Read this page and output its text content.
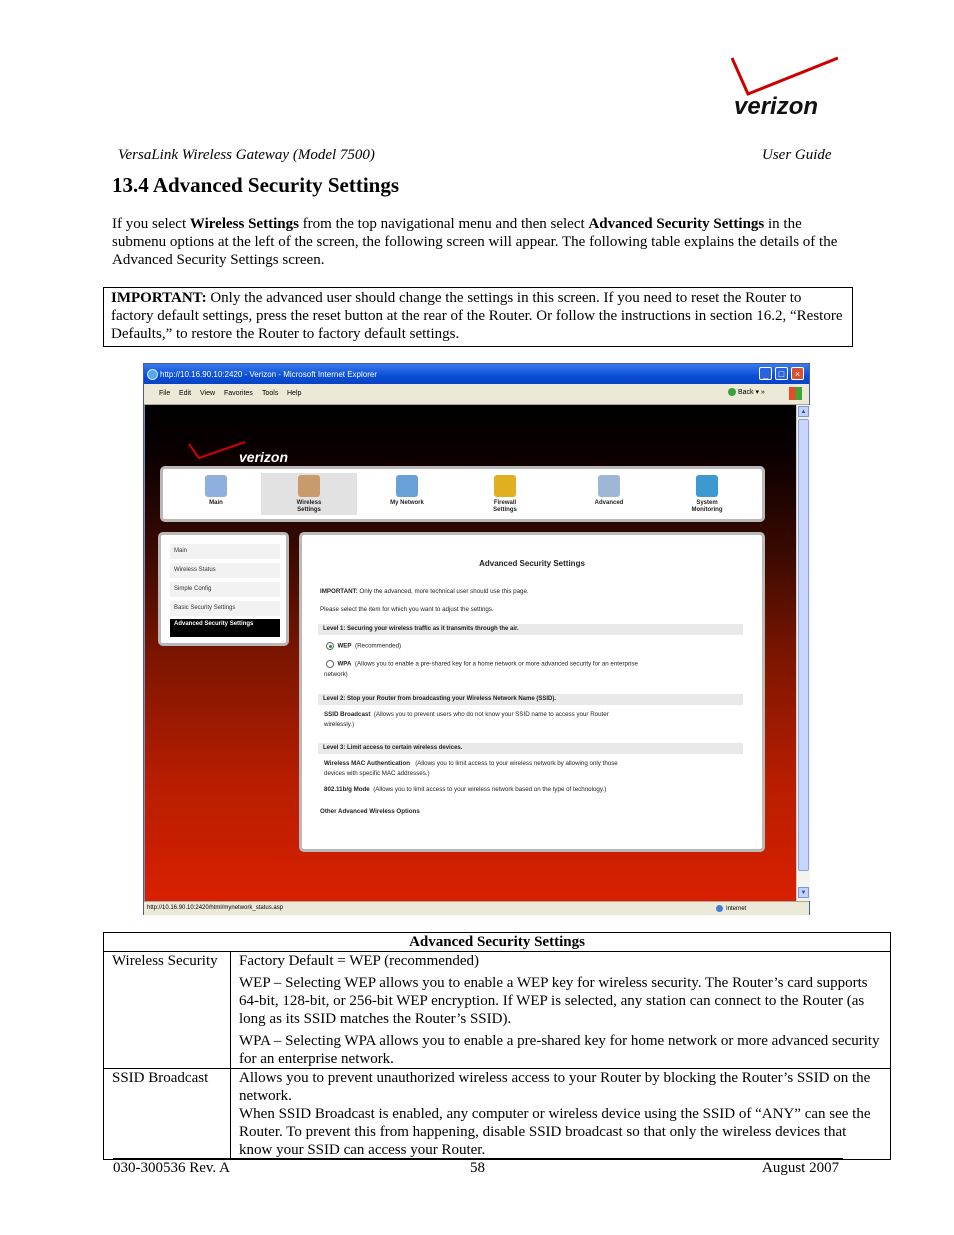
verizon
VersaLink Wireless Gateway (Model 7500)	User Guide
13.4 Advanced Security Settings
If you select Wireless Settings from the top navigational menu and then select Advanced Security Settings in the submenu options at the left of the screen, the following screen will appear. The following table explains the details of the Advanced Security Settings screen.
IMPORTANT: Only the advanced user should change the settings in this screen. If you need to reset the Router to factory default settings, press the reset button at the rear of the Router. Or follow the instructions in section 16.2, “Restore Defaults,” to restore the Router to factory default settings.
http://10.16.90.10:2420 - Verizon - Microsoft Internet Explorer	_	□	×
File Edit View Favorites Tools Help	Back ▾ »
verizon
Main	Wireless Settings
My Network	Firewall Settings
Advanced	System Monitoring
Main
Wireless Status
Simple Config
Basic Security Settings
Advanced Security Settings
Advanced Security Settings
IMPORTANT: Only the advanced, more technical user should use this page.
Please select the item for which you want to adjust the settings.
Level 1: Securing your wireless traffic as it transmits through the air.
WEP (Recommended)
WPA (Allows you to enable a pre-shared key for a home network or more advanced security for an enterprise
network)
Level 2: Stop your Router from broadcasting your Wireless Network Name (SSID).
SSID Broadcast (Allows you to prevent users who do not know your SSID name to access your Router
wirelessly.)
Level 3: Limit access to certain wireless devices.
Wireless MAC Authentication (Allows you to limit access to your wireless network by allowing only those
devices with specific MAC addresses.)
802.11b/g Mode (Allows you to limit access to your wireless network based on the type of technology.)
Other Advanced Wireless Options
▲
▼
http://10.16.90.10:2420/html/mynetwork_status.asp	Internet
Advanced Security Settings	
Wireless Security	Factory Default = WEP (recommended)

WEP – Selecting WEP allows you to enable a WEP key for wireless security. The Router’s card supports 64-bit, 128-bit, or 256-bit WEP encryption. If WEP is selected, any station can connect to the Router (as long as its SSID matches the Router’s SSID).

WPA – Selecting WPA allows you to enable a pre-shared key for home network or more advanced security for an enterprise network.

SSID Broadcast	Allows you to prevent unauthorized wireless access to your Router by blocking the Router’s SSID on the network.

When SSID Broadcast is enabled, any computer or wireless device using the SSID of “ANY” can see the Router. To prevent this from happening, disable SSID broadcast so that only the wireless devices that know your SSID can access your Router.

030-300536 Rev. A	58	August 2007
